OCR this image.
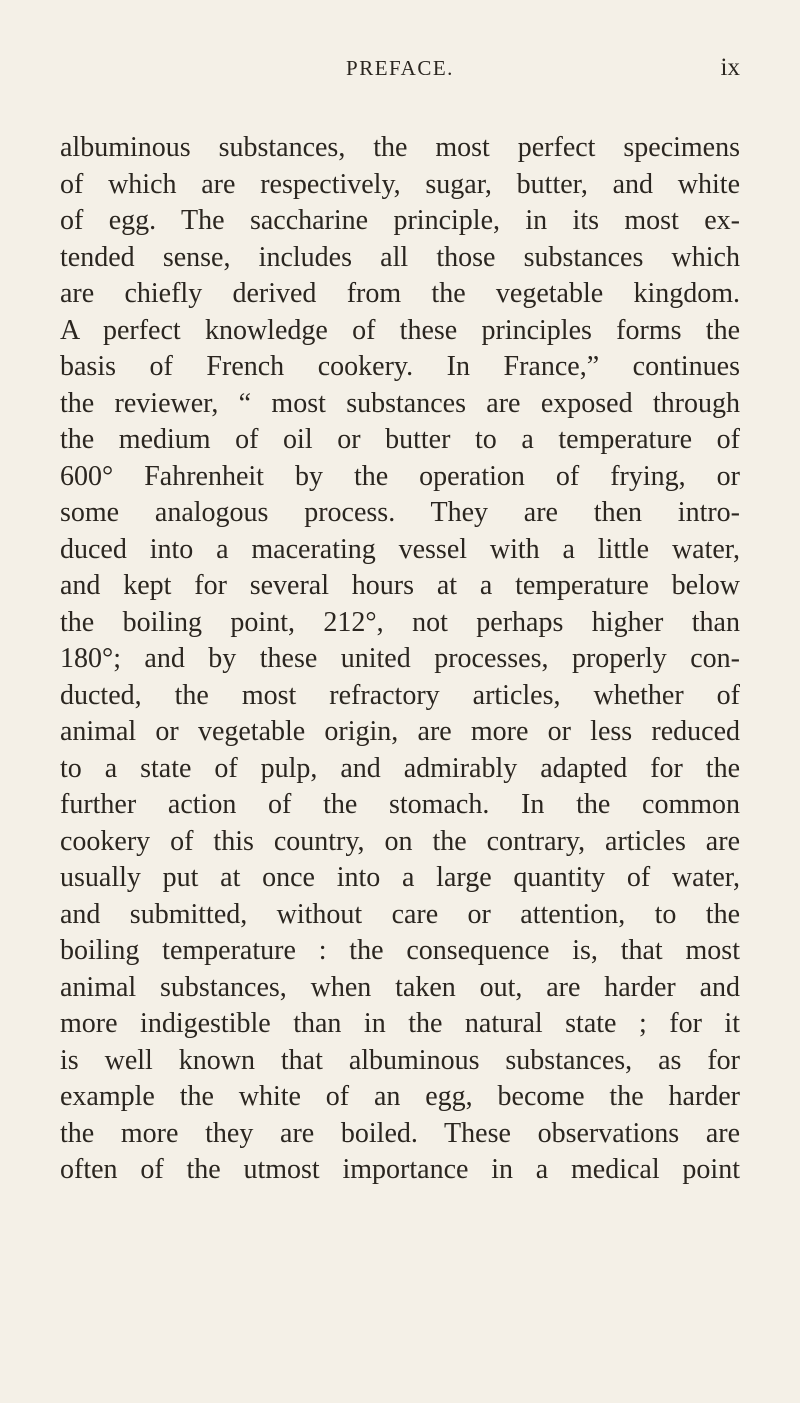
PREFACE.	ix
albuminous substances, the most perfect specimens
of which are respectively, sugar, butter, and white
of egg. The saccharine principle, in its most ex-
tended sense, includes all those substances which
are chiefly derived from the vegetable kingdom.
A perfect knowledge of these principles forms the
basis of French cookery. In France,” continues
the reviewer, “ most substances are exposed through
the medium of oil or butter to a temperature of
600° Fahrenheit by the operation of frying, or
some analogous process. They are then intro-
duced into a macerating vessel with a little water,
and kept for several hours at a temperature below
the boiling point, 212°, not perhaps higher than
180°; and by these united processes, properly con-
ducted, the most refractory articles, whether of
animal or vegetable origin, are more or less reduced
to a state of pulp, and admirably adapted for the
further action of the stomach. In the common
cookery of this country, on the contrary, articles are
usually put at once into a large quantity of water,
and submitted, without care or attention, to the
boiling temperature : the consequence is, that most
animal substances, when taken out, are harder and
more indigestible than in the natural state ; for it
is well known that albuminous substances, as for
example the white of an egg, become the harder
the more they are boiled. These observations are
often of the utmost importance in a medical point
